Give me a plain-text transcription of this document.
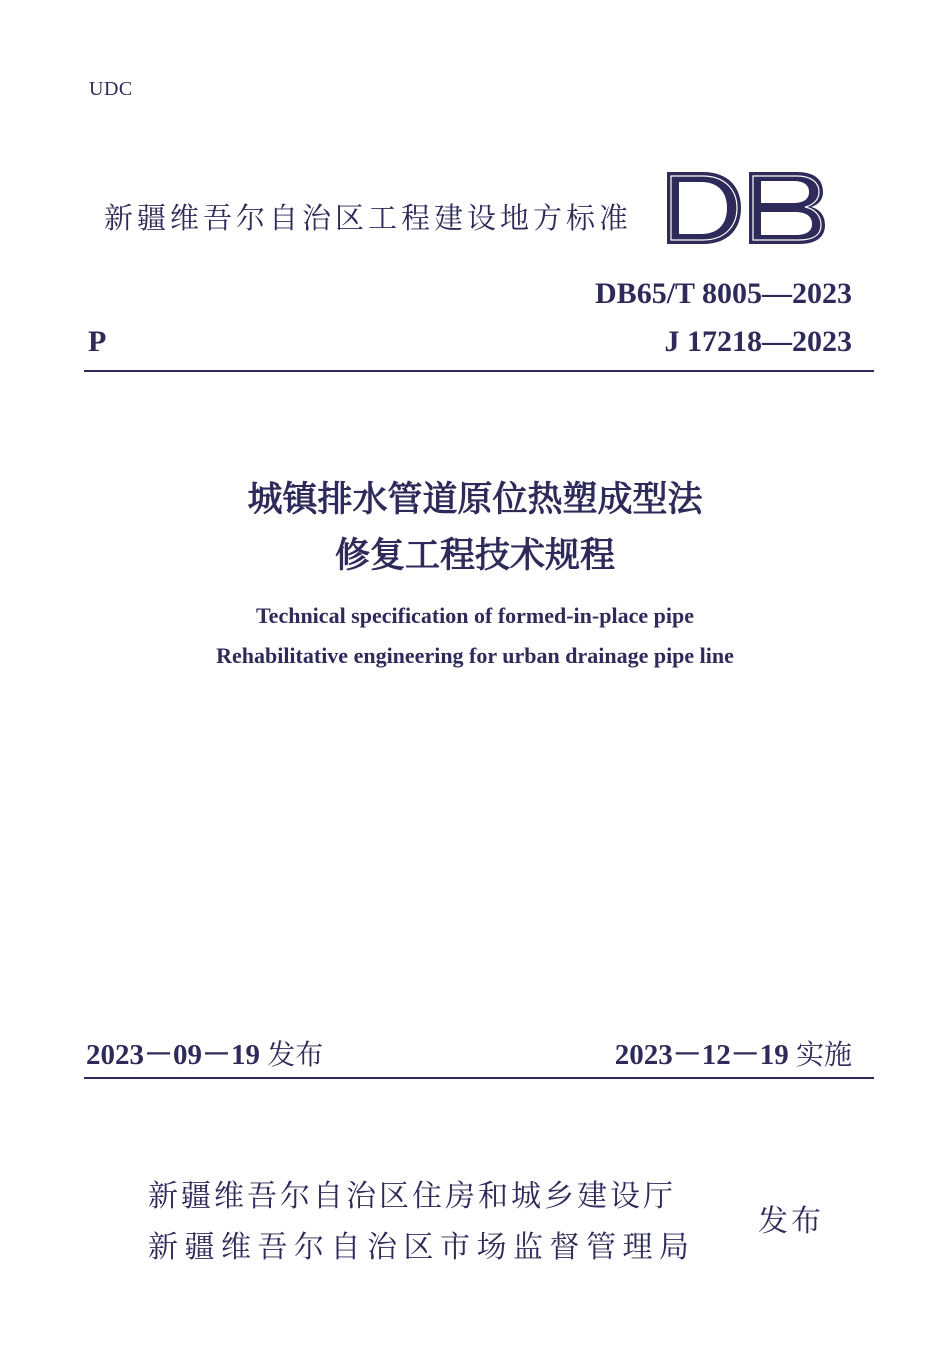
UDC
新疆维吾尔自治区工程建设地方标准
DB65/T 8005—2023
P	J 17218—2023
城镇排水管道原位热塑成型法
修复工程技术规程
Technical specification of formed-in-place pipe
Rehabilitative engineering for urban drainage pipe line
2023－09－19 发布	2023－12－19 实施
新疆维吾尔自治区住房和城乡建设厅
新疆维吾尔自治区市场监督管理局
发布
